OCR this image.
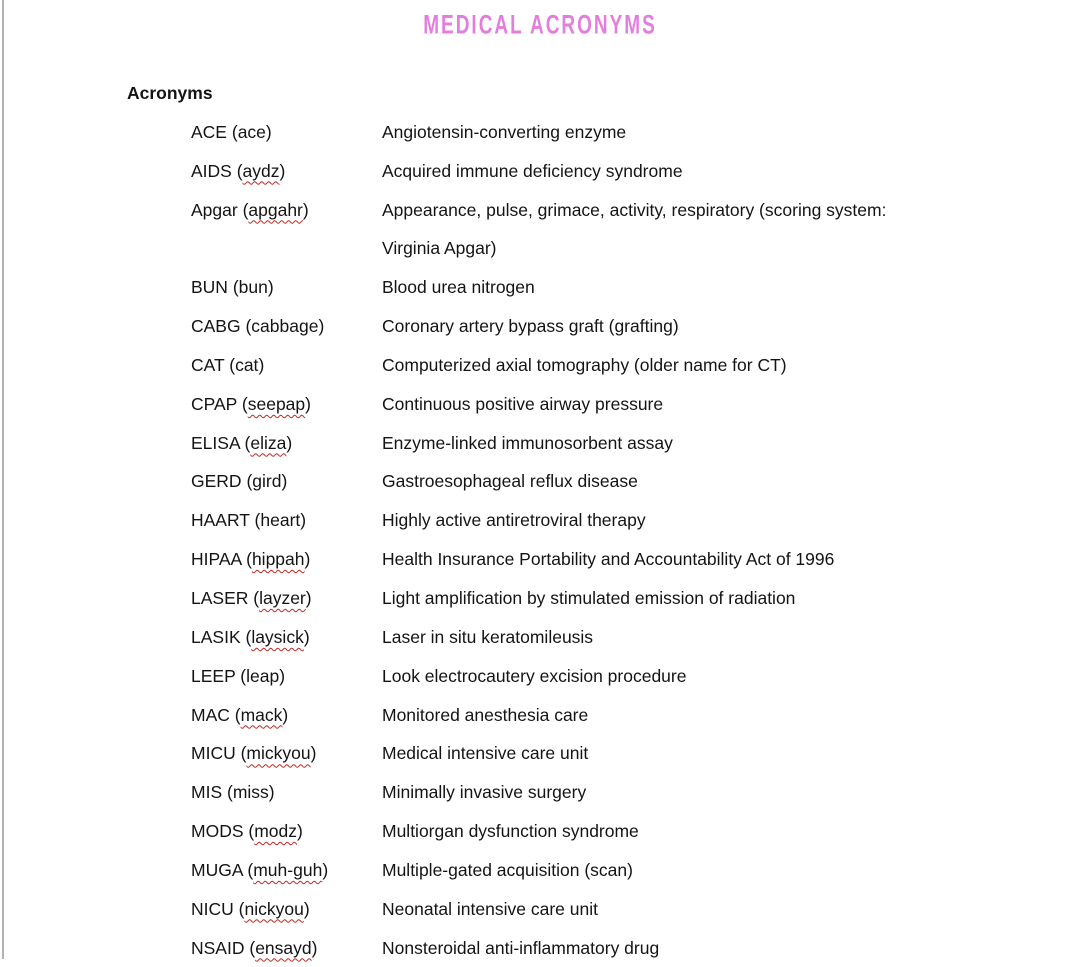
MEDICAL ACRONYMS
Acronyms
ACE (ace)	Angiotensin-converting enzyme
AIDS (aydz)	Acquired immune deficiency syndrome
Apgar (apgahr)	Appearance, pulse, grimace, activity, respiratory (scoring system: Virginia Apgar)
BUN (bun)	Blood urea nitrogen
CABG (cabbage)	Coronary artery bypass graft (grafting)
CAT (cat)	Computerized axial tomography (older name for CT)
CPAP (seepap)	Continuous positive airway pressure
ELISA (eliza)	Enzyme-linked immunosorbent assay
GERD (gird)	Gastroesophageal reflux disease
HAART (heart)	Highly active antiretroviral therapy
HIPAA (hippah)	Health Insurance Portability and Accountability Act of 1996
LASER (layzer)	Light amplification by stimulated emission of radiation
LASIK (laysick)	Laser in situ keratomileusis
LEEP (leap)	Look electrocautery excision procedure
MAC (mack)	Monitored anesthesia care
MICU (mickyou)	Medical intensive care unit
MIS (miss)	Minimally invasive surgery
MODS (modz)	Multiorgan dysfunction syndrome
MUGA (muh-guh)	Multiple-gated acquisition (scan)
NICU (nickyou)	Neonatal intensive care unit
NSAID (ensayd)	Nonsteroidal anti-inflammatory drug
